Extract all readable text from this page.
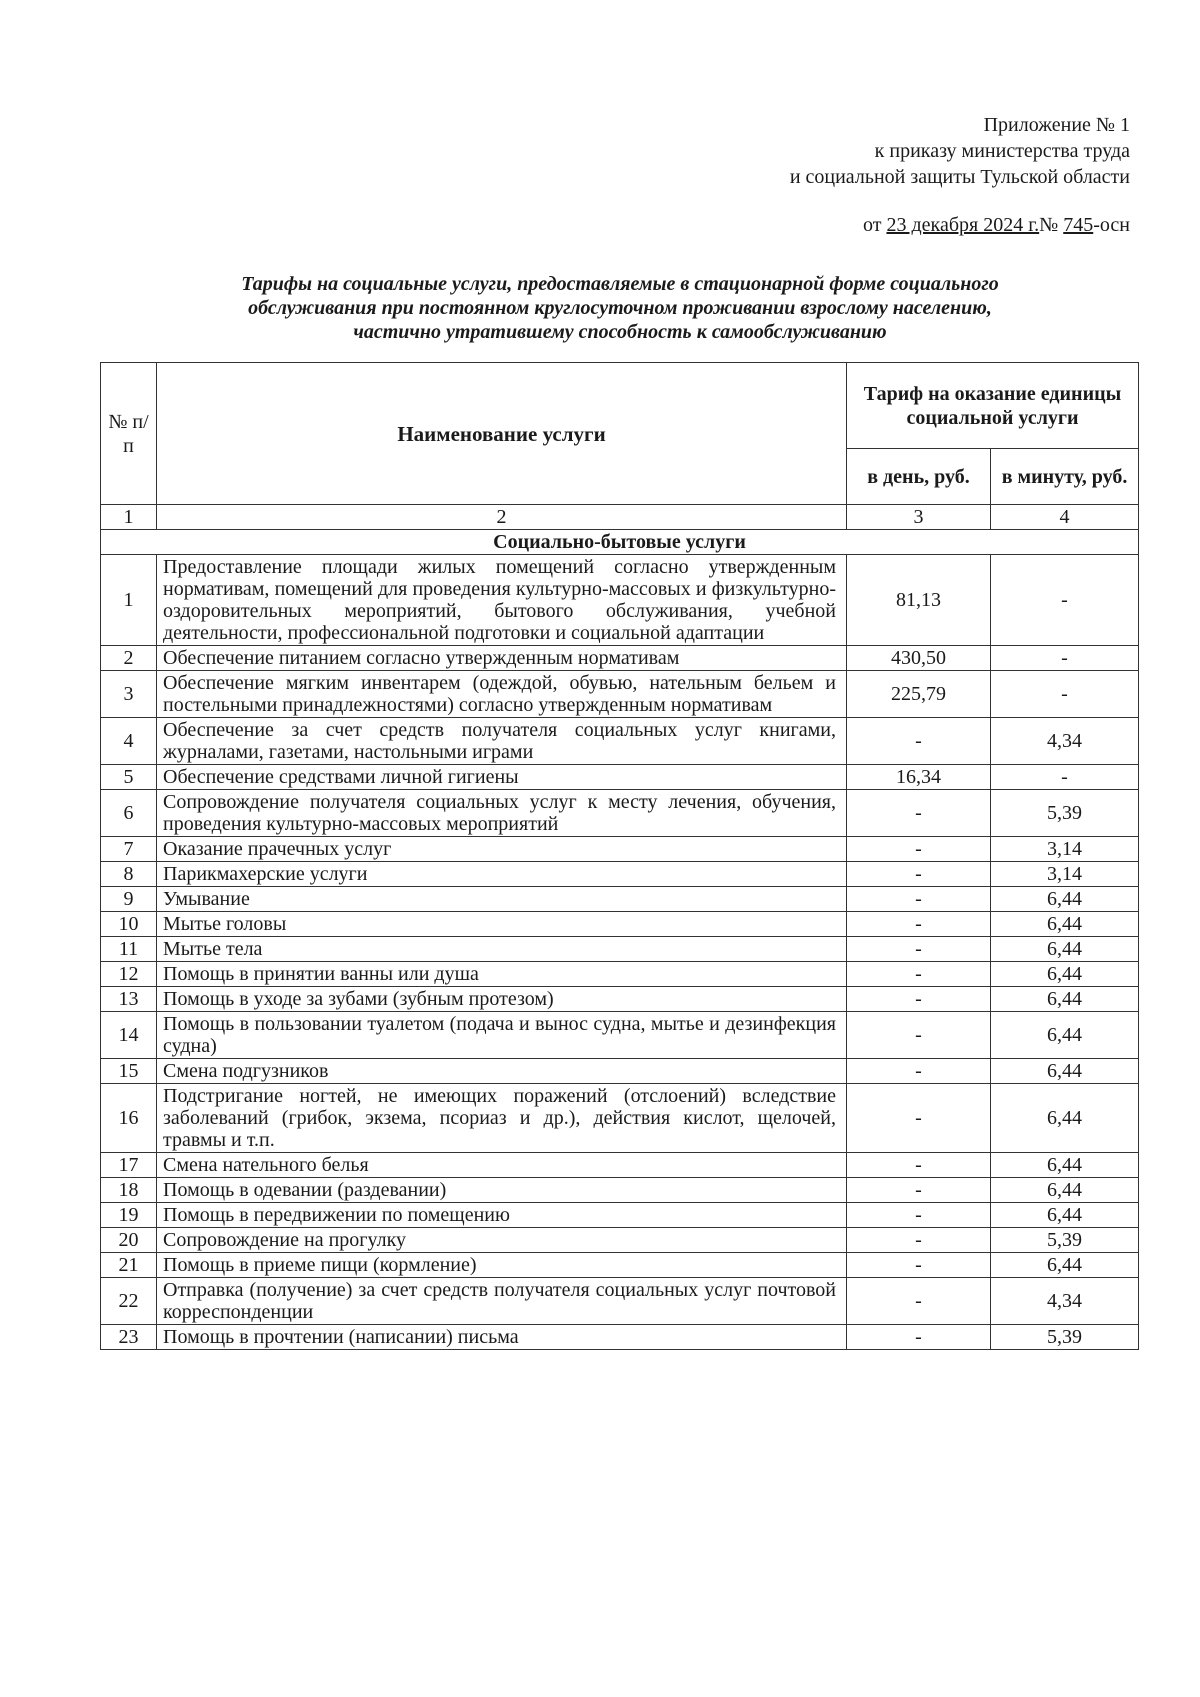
Приложение № 1
к приказу министерства труда
и социальной защиты Тульской области
от 23 декабря 2024 г.№ 745-осн
Тарифы на социальные услуги, предоставляемые в стационарной форме социального
обслуживания при постоянном круглосуточном проживании взрослому населению,
частично утратившему способность к самообслуживанию
№ п/п	Наименование услуги	Тариф на оказание единицы социальной услуги	
		в день, руб.	в минуту, руб.
1	2	3	4
Социально-бытовые услуги			
1	Предоставление площади жилых помещений согласно утвержденным нормативам, помещений для проведения культурно-массовых и физкультурно-оздоровительных мероприятий, бытового обслуживания, учебной деятельности, профессиональной подготовки и социальной адаптации	81,13	-
2	Обеспечение питанием согласно утвержденным нормативам	430,50	-
3	Обеспечение мягким инвентарем (одеждой, обувью, нательным бельем и постельными принадлежностями) согласно утвержденным нормативам	225,79	-
4	Обеспечение за счет средств получателя социальных услуг книгами, журналами, газетами, настольными играми	-	4,34
5	Обеспечение средствами личной гигиены	16,34	-
6	Сопровождение получателя социальных услуг к месту лечения, обучения, проведения культурно-массовых мероприятий	-	5,39
7	Оказание прачечных услуг	-	3,14
8	Парикмахерские услуги	-	3,14
9	Умывание	-	6,44
10	Мытье головы	-	6,44
11	Мытье тела	-	6,44
12	Помощь в принятии ванны или душа	-	6,44
13	Помощь в уходе за зубами (зубным протезом)	-	6,44
14	Помощь в пользовании туалетом (подача и вынос судна, мытье и дезинфекция судна)	-	6,44
15	Смена подгузников	-	6,44
16	Подстригание ногтей, не имеющих поражений (отслоений) вследствие заболеваний (грибок, экзема, псориаз и др.), действия кислот, щелочей, травмы и т.п.	-	6,44
17	Смена нательного белья	-	6,44
18	Помощь в одевании (раздевании)	-	6,44
19	Помощь в передвижении по помещению	-	6,44
20	Сопровождение на прогулку	-	5,39
21	Помощь в приеме пищи (кормление)	-	6,44
22	Отправка (получение) за счет средств получателя социальных услуг почтовой корреспонденции	-	4,34
23	Помощь в прочтении (написании) письма	-	5,39
